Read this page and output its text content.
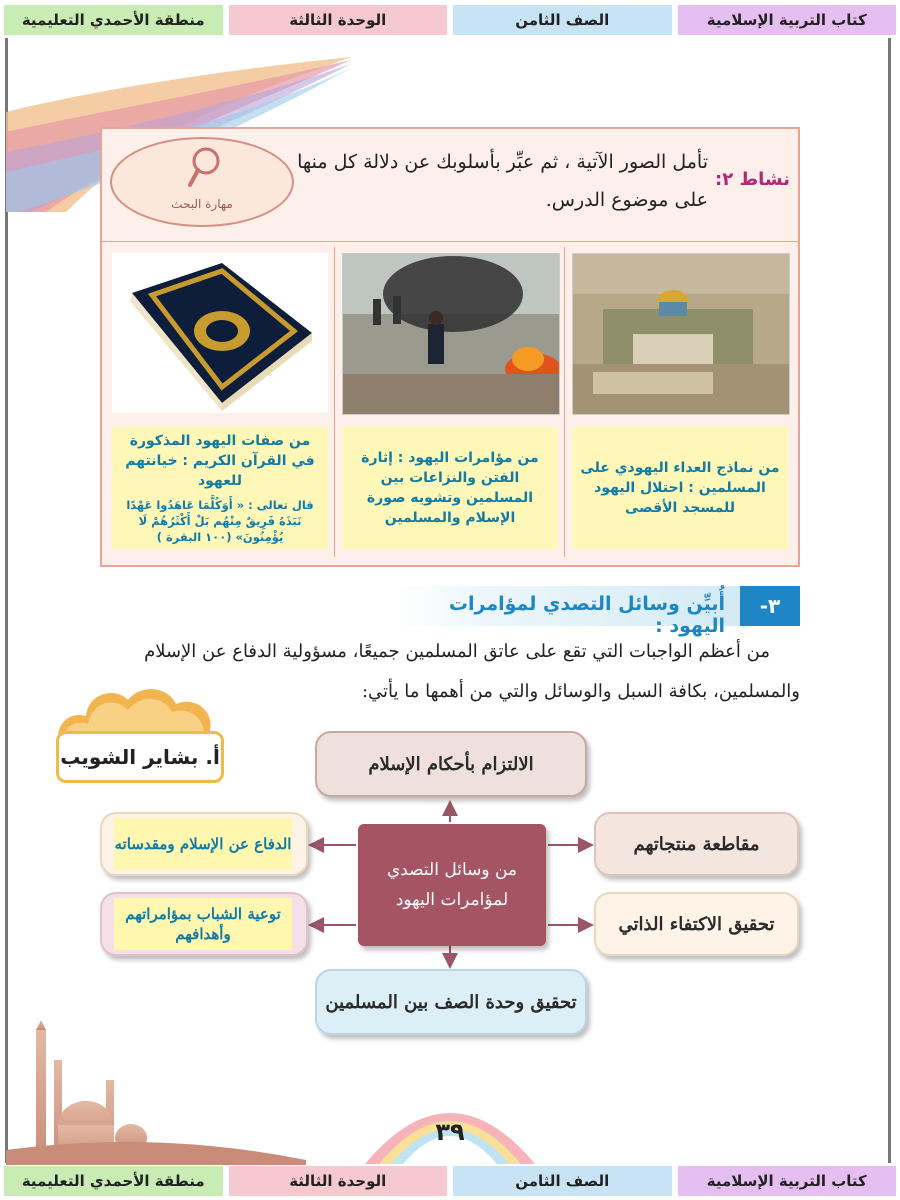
منطقة الأحمدي التعليمية	الوحدة الثالثة	الصف الثامن	كتاب التربية الإسلامية
نشاط ٢:
تأمل الصور الآتية ، ثم عبِّر بأسلوبك عن دلالة كل منها
على موضوع الدرس.
مهارة البحث
من نماذج العداء اليهودي على المسلمين : احتلال اليهود للمسجد الأقصى
من مؤامرات اليهود : إثارة الفتن والنزاعات بين المسلمين وتشويه صورة الإسلام والمسلمين
من صفات اليهود المذكورة في القرآن الكريم : خيانتهم للعهود
قال تعالى : « أَوَكُلَّمَا عَاهَدُوا عَهْدًا نَبَذَهُ فَرِيقٌ مِنْهُم بَلْ أَكْثَرُهُمْ لَا يُؤْمِنُونَ» (١٠٠ البقرة )
٣-
أُبيِّن وسائل التصدي لمؤامرات اليهود :
من أعظم الواجبات التي تقع على عاتق المسلمين جميعًا، مسؤولية الدفاع عن الإسلام
والمسلمين، بكافة السبل والوسائل والتي من أهمها ما يأتي:
أ. بشاير الشويب	الالتزام بأحكام الإسلام
من وسائل التصدي لمؤامرات اليهود
مقاطعة منتجاتهم
تحقيق الاكتفاء الذاتي
الدفاع عن الإسلام ومقدساته
توعية الشباب بمؤامراتهم وأهدافهم
تحقيق وحدة الصف بين المسلمين
٣٩
منطقة الأحمدي التعليمية	الوحدة الثالثة	الصف الثامن	كتاب التربية الإسلامية
